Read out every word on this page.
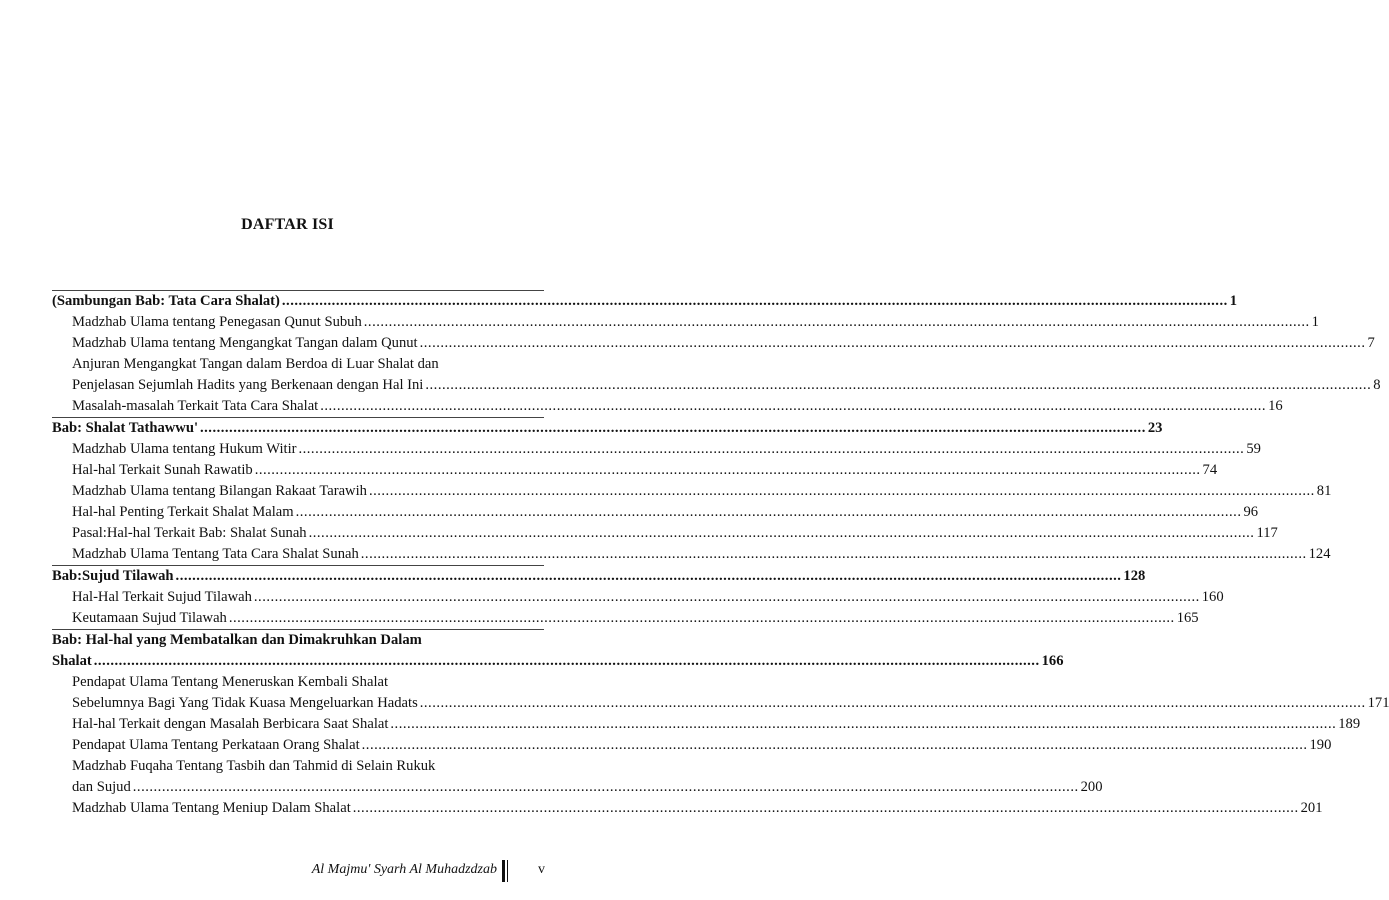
DAFTAR ISI
(Sambungan Bab: Tata Cara Shalat) .....	1
Madzhab Ulama tentang Penegasan Qunut Subuh .....	1
Madzhab Ulama tentang Mengangkat Tangan dalam Qunut .....	7
Anjuran Mengangkat Tangan dalam Berdoa di Luar Shalat dan
Penjelasan Sejumlah Hadits yang Berkenaan dengan Hal Ini .....	8
Masalah-masalah Terkait Tata Cara Shalat .....	16
Bab: Shalat Tathawwu' .....	23
Madzhab Ulama tentang Hukum Witir .....	59
Hal-hal Terkait Sunah Rawatib .....	74
Madzhab Ulama tentang Bilangan Rakaat Tarawih .....	81
Hal-hal Penting Terkait Shalat Malam .....	96
Pasal:Hal-hal Terkait Bab: Shalat Sunah .....	117
Madzhab Ulama Tentang Tata Cara Shalat Sunah .....	124
Bab:Sujud Tilawah .....	128
Hal-Hal Terkait Sujud Tilawah .....	160
Keutamaan Sujud Tilawah .....	165
Bab: Hal-hal yang Membatalkan dan Dimakruhkan Dalam
Shalat .....	166
Pendapat Ulama Tentang Meneruskan Kembali Shalat
Sebelumnya Bagi Yang Tidak Kuasa Mengeluarkan Hadats .....	171
Hal-hal Terkait dengan Masalah Berbicara Saat Shalat .....	189
Pendapat Ulama Tentang Perkataan Orang Shalat .....	190
Madzhab Fuqaha Tentang Tasbih dan Tahmid di Selain Rukuk
dan Sujud .....	200
Madzhab Ulama Tentang Meniup Dalam Shalat .....	201
Al Majmu' Syarh Al Muhadzdzab	v
